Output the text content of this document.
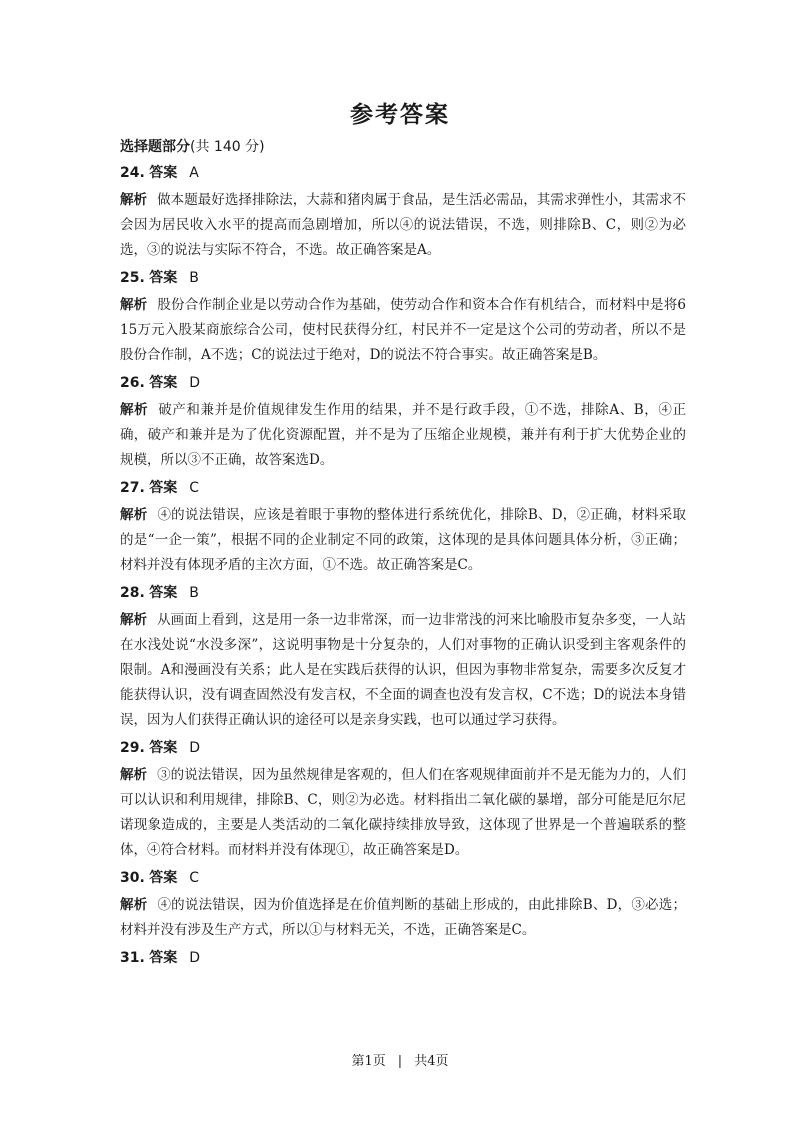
参考答案
选择题部分(共 140 分)
24. 答案 A

解析 做本题最好选择排除法，大蒜和猪肉属于食品，是生活必需品，其需求弹性小，其需求不会因为居民收入水平的提高而急剧增加，所以④的说法错误，不选，则排除B、C，则②为必选，③的说法与实际不符合，不选。故正确答案是A。

25. 答案 B

解析 股份合作制企业是以劳动合作为基础，使劳动合作和资本合作有机结合，而材料中是将615万元入股某商旅综合公司，使村民获得分红，村民并不一定是这个公司的劳动者，所以不是股份合作制，A不选；C的说法过于绝对，D的说法不符合事实。故正确答案是B。

26. 答案 D

解析 破产和兼并是价值规律发生作用的结果，并不是行政手段，①不选，排除A、B，④正确，破产和兼并是为了优化资源配置，并不是为了压缩企业规模，兼并有利于扩大优势企业的规模，所以③不正确，故答案选D。

27. 答案 C

解析 ④的说法错误，应该是着眼于事物的整体进行系统优化，排除B、D，②正确，材料采取的是“一企一策”，根据不同的企业制定不同的政策，这体现的是具体问题具体分析，③正确；材料并没有体现矛盾的主次方面，①不选。故正确答案是C。

28. 答案 B

解析 从画面上看到，这是用一条一边非常深，而一边非常浅的河来比喻股市复杂多变，一人站在水浅处说“水没多深”，这说明事物是十分复杂的，人们对事物的正确认识受到主客观条件的限制。A和漫画没有关系；此人是在实践后获得的认识，但因为事物非常复杂，需要多次反复才能获得认识，没有调查固然没有发言权，不全面的调查也没有发言权，C不选；D的说法本身错误，因为人们获得正确认识的途径可以是亲身实践，也可以通过学习获得。

29. 答案 D

解析 ③的说法错误，因为虽然规律是客观的，但人们在客观规律面前并不是无能为力的，人们可以认识和利用规律，排除B、C，则②为必选。材料指出二氧化碳的暴增，部分可能是厄尔尼诺现象造成的，主要是人类活动的二氧化碳持续排放导致，这体现了世界是一个普遍联系的整体，④符合材料。而材料并没有体现①，故正确答案是D。

30. 答案 C

解析 ④的说法错误，因为价值选择是在价值判断的基础上形成的，由此排除B、D，③必选；材料并没有涉及生产方式，所以①与材料无关，不选，正确答案是C。

31. 答案 D
第1页 | 共4页
